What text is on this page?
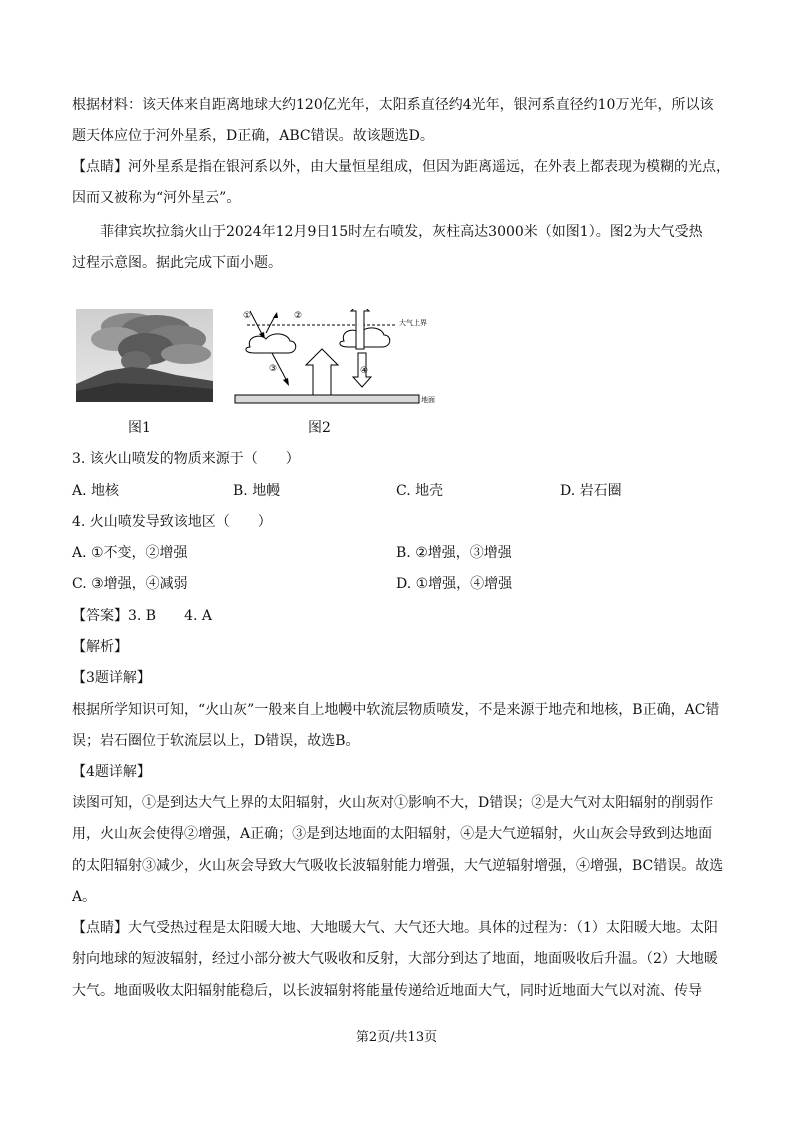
根据材料：该天体来自距离地球大约120亿光年，太阳系直径约4光年，银河系直径约10万光年，所以该
题天体应位于河外星系，D正确，ABC错误。故该题选D。
【点睛】河外星系是指在银河系以外，由大量恒星组成，但因为距离遥远，在外表上都表现为模糊的光点，
因而又被称为“河外星云”。
菲律宾坎拉翁火山于2024年12月9日15时左右喷发，灰柱高达3000米（如图1）。图2为大气受热
过程示意图。据此完成下面小题。
①	②
③	④
大气上界
地面
图1	图2
3. 该火山喷发的物质来源于（　　）
A. 地核	B. 地幔	C. 地壳	D. 岩石圈
4. 火山喷发导致该地区（　　）
A. ①不变，②增强	B. ②增强，③增强
C. ③增强，④减弱	D. ①增强，④增强
【答案】3. B　　4. A
【解析】
【3题详解】
根据所学知识可知，“火山灰”一般来自上地幔中软流层物质喷发，不是来源于地壳和地核，B正确，AC错
误；岩石圈位于软流层以上，D错误，故选B。
【4题详解】
读图可知，①是到达大气上界的太阳辐射，火山灰对①影响不大，D错误；②是大气对太阳辐射的削弱作
用，火山灰会使得②增强，A正确；③是到达地面的太阳辐射，④是大气逆辐射，火山灰会导致到达地面
的太阳辐射③减少，火山灰会导致大气吸收长波辐射能力增强，大气逆辐射增强，④增强，BC错误。故选
A。
【点睛】大气受热过程是太阳暖大地、大地暖大气、大气还大地。具体的过程为：（1）太阳暖大地。太阳
射向地球的短波辐射，经过小部分被大气吸收和反射，大部分到达了地面，地面吸收后升温。（2）大地暖
大气。地面吸收太阳辐射能稳后，以长波辐射将能量传递给近地面大气，同时近地面大气以对流、传导
第2页/共13页
